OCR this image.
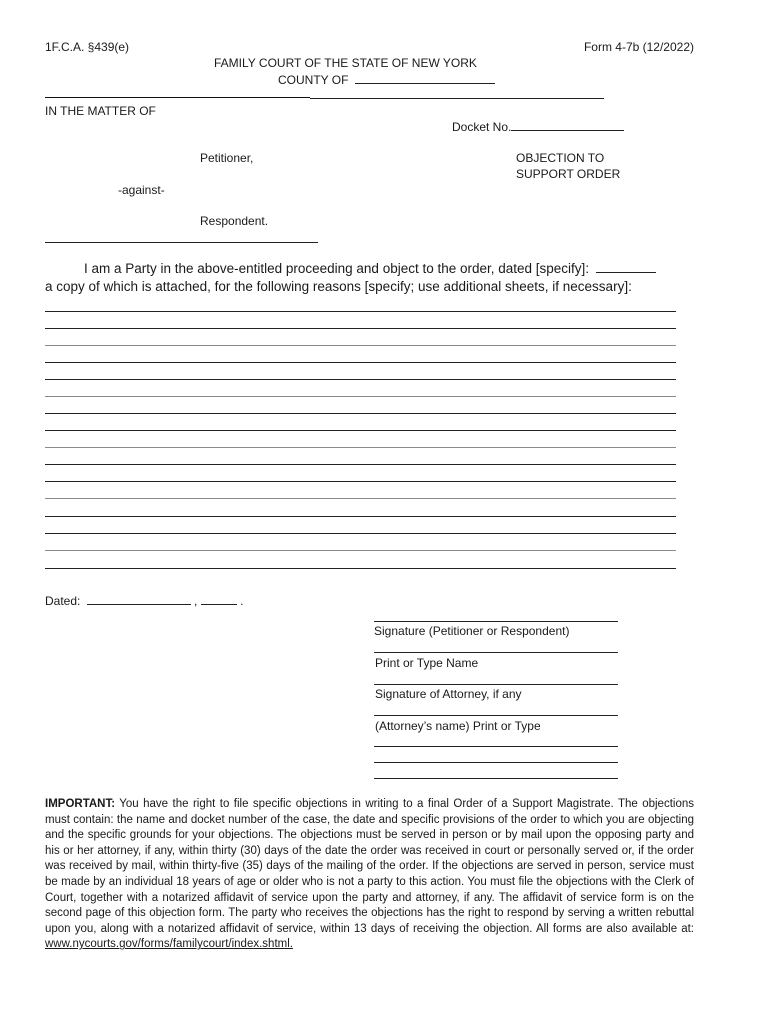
1F.C.A. §439(e)	Form 4-7b (12/2022)
FAMILY COURT OF THE STATE OF NEW YORK
COUNTY OF
IN THE MATTER OF
Docket No.
Petitioner,	OBJECTION TO
SUPPORT ORDER
-against-
Respondent.
I am a Party in the above-entitled proceeding and object to the order, dated [specify]:
a copy of which is attached, for the following reasons [specify; use additional sheets, if necessary]:
Dated:	,	.
Signature (Petitioner or Respondent)
Print or Type Name
Signature of Attorney, if any
(Attorney’s name) Print or Type
IMPORTANT: You have the right to file specific objections in writing to a final Order of a Support Magistrate. The objections must contain: the name and docket number of the case, the date and specific provisions of the order to which you are objecting and the specific grounds for your objections. The objections must be served in person or by mail upon the opposing party and his or her attorney, if any, within thirty (30) days of the date the order was received in court or personally served or, if the order was received by mail, within thirty-five (35) days of the mailing of the order. If the objections are served in person, service must be made by an individual 18 years of age or older who is not a party to this action. You must file the objections with the Clerk of Court, together with a notarized affidavit of service upon the party and attorney, if any. The affidavit of service form is on the second page of this objection form. The party who receives the objections has the right to respond by serving a written rebuttal upon you, along with a notarized affidavit of service, within 13 days of receiving the objection. All forms are also available at: www.nycourts.gov/forms/familycourt/index.shtml.
